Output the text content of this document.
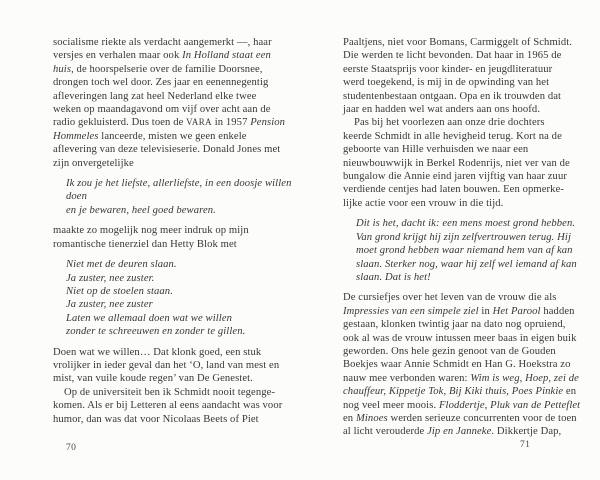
socialisme riekte als verdacht aangemerkt —, haar
versjes en verhalen maar ook In Holland staat een
huis, de hoorspelserie over de familie Doorsnee,
drongen toch wel door. Zes jaar en eenennegentig
afleveringen lang zat heel Nederland elke twee
weken op maandagavond om vijf over acht aan de
radio gekluisterd. Dus toen de VARA in 1957 Pension
Hommeles lanceerde, misten we geen enkele
aflevering van deze televisieserie. Donald Jones met
zijn onvergetelijke
Ik zou je het liefste, allerliefste, in een doosje willen
doen
en je bewaren, heel goed bewaren.
maakte zo mogelijk nog meer indruk op mijn
romantische tienerziel dan Hetty Blok met
Niet met de deuren slaan.
Ja zuster, nee zuster.
Niet op de stoelen staan.
Ja zuster, nee zuster
Laten we allemaal doen wat we willen
zonder te schreeuwen en zonder te gillen.
Doen wat we willen… Dat klonk goed, een stuk
vrolijker in ieder geval dan het ‘O, land van mest en
mist, van vuile koude regen’ van De Genestet.
Op de universiteit ben ik Schmidt nooit tegenge-
komen. Als er bij Letteren al eens aandacht was voor
humor, dan was dat voor Nicolaas Beets of Piet
Paaltjens, niet voor Bomans, Carmiggelt of Schmidt.
Die werden te licht bevonden. Dat haar in 1965 de
eerste Staatsprijs voor kinder- en jeugdliteratuur
werd toegekend, is mij in de opwinding van het
studentenbestaan ontgaan. Opa en ik trouwden dat
jaar en hadden wel wat anders aan ons hoofd.
Pas bij het voorlezen aan onze drie dochters
keerde Schmidt in alle hevigheid terug. Kort na de
geboorte van Hille verhuisden we naar een
nieuwbouwwijk in Berkel Rodenrijs, niet ver van de
bungalow die Annie eind jaren vijftig van haar zuur
verdiende centjes had laten bouwen. Een opmerke-
lijke actie voor een vrouw in die tijd.
Dit is het, dacht ik: een mens moest grond hebben.
Van grond krijgt hij zijn zelfvertrouwen terug. Hij
moet grond hebben waar niemand hem van af kan
slaan. Sterker nog, waar hij zelf wel iemand af kan
slaan. Dat is het!
De cursiefjes over het leven van de vrouw die als
Impressies van een simpele ziel in Het Parool hadden
gestaan, klonken twintig jaar na dato nog opruiend,
ook al was de vrouw intussen meer baas in eigen buik
geworden. Ons hele gezin genoot van de Gouden
Boekjes waar Annie Schmidt en Han G. Hoekstra zo
nauw mee verbonden waren: Wim is weg, Hoep, zei de
chauffeur, Kippetje Tok, Bij Kiki thuis, Poes Pinkie en
nog veel meer moois. Floddertje, Pluk van de Petteflet
en Minoes werden serieuze concurrenten voor de toen
al licht verouderde Jip en Janneke. Dikkertje Dap,
70	71
